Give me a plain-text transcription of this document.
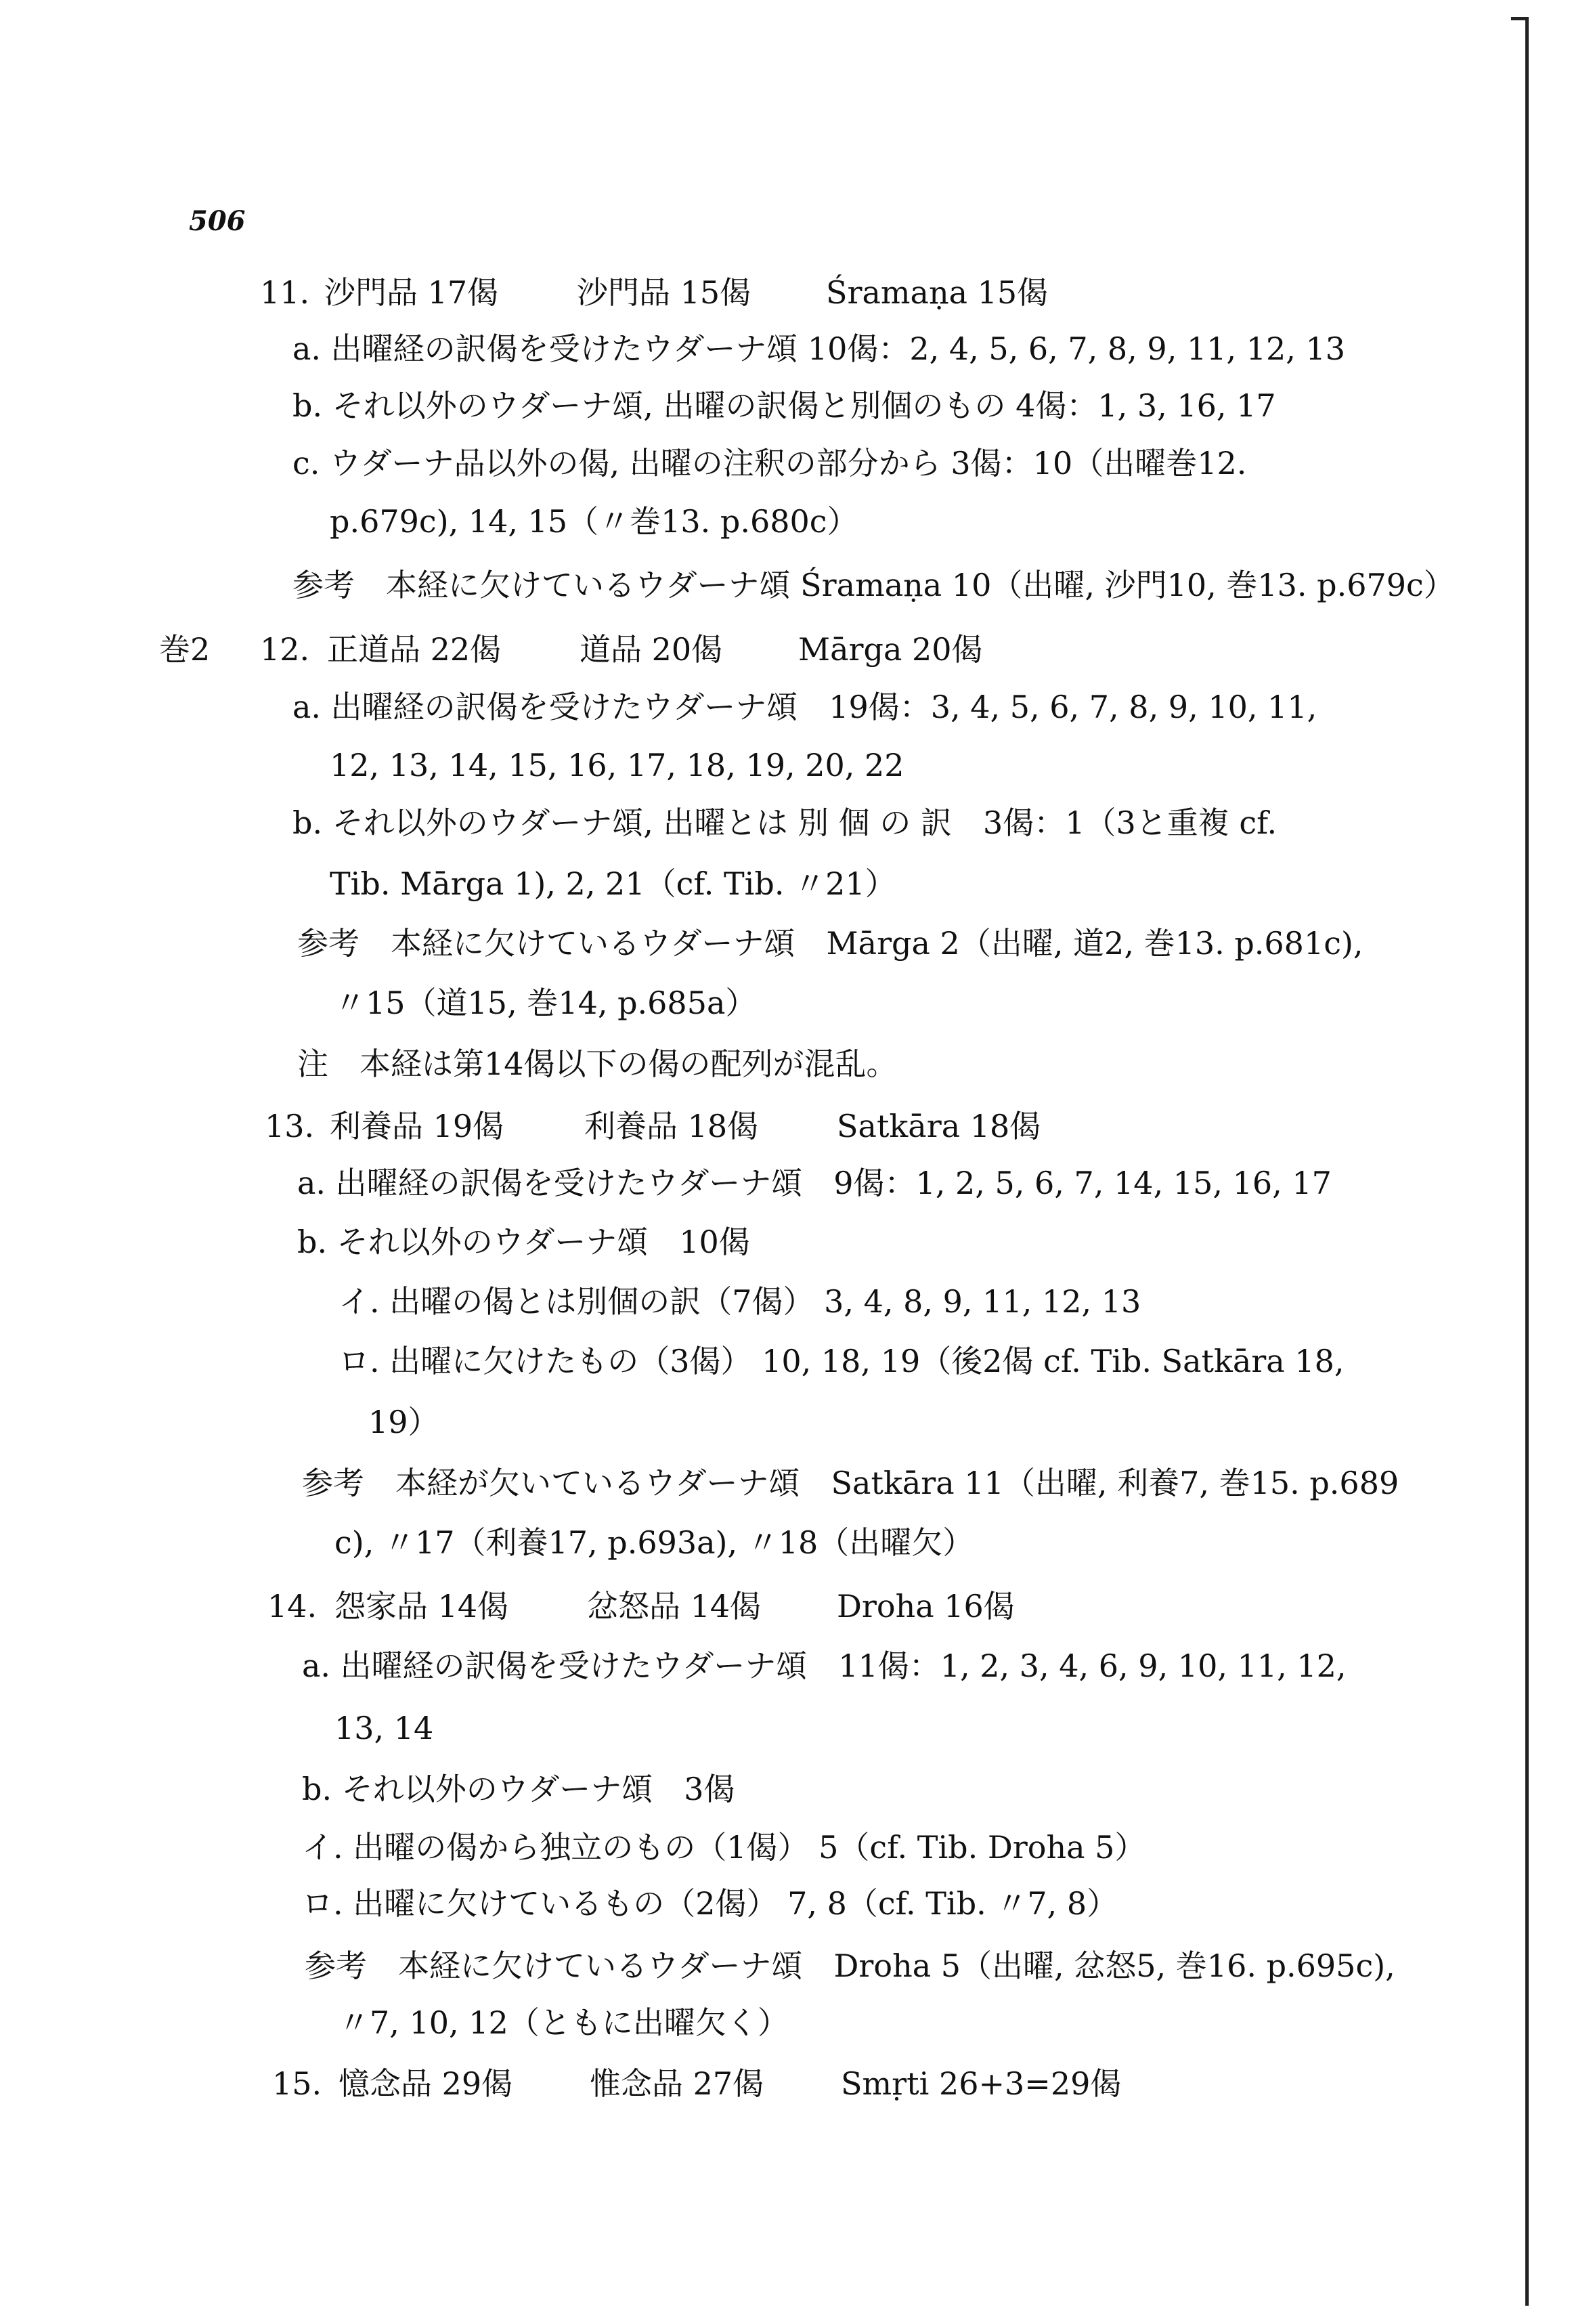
506
11. 沙門品 17偈	沙門品 15偈 Śramaṇa 15偈
a. 出曜経の訳偈を受けたウダーナ頌 10偈：2, 4, 5, 6, 7, 8, 9, 11, 12, 13
b. それ以外のウダーナ頌, 出曜の訳偈と別個のもの 4偈：1, 3, 16, 17
c. ウダーナ品以外の偈, 出曜の注釈の部分から 3偈：10（出曜巻12.
p.679c), 14, 15（〃巻13. p.680c）
参考　本経に欠けているウダーナ頌 Śramaṇa 10（出曜, 沙門10, 巻13. p.679c）
巻2 12. 正道品 22偈	道品 20偈 Mārga 20偈
a. 出曜経の訳偈を受けたウダーナ頌　19偈：3, 4, 5, 6, 7, 8, 9, 10, 11,
12, 13, 14, 15, 16, 17, 18, 19, 20, 22
b. それ以外のウダーナ頌, 出曜とは 別 個 の 訳　3偈：1（3と重複 cf.
Tib. Mārga 1), 2, 21（cf. Tib. 〃21）
参考　本経に欠けているウダーナ頌　Mārga 2（出曜, 道2, 巻13. p.681c),
〃15（道15, 巻14, p.685a）
注　本経は第14偈以下の偈の配列が混乱。
13. 利養品 19偈	利養品 18偈	Satkāra 18偈
a. 出曜経の訳偈を受けたウダーナ頌　9偈：1, 2, 5, 6, 7, 14, 15, 16, 17
b. それ以外のウダーナ頌　10偈
イ. 出曜の偈とは別個の訳（7偈） 3, 4, 8, 9, 11, 12, 13
ロ. 出曜に欠けたもの（3偈） 10, 18, 19（後2偈 cf. Tib. Satkāra 18,
19）
参考　本経が欠いているウダーナ頌　Satkāra 11（出曜, 利養7, 巻15. p.689
c), 〃17（利養17, p.693a), 〃18（出曜欠）
14. 怨家品 14偈	忿怒品 14偈 Droha 16偈
a. 出曜経の訳偈を受けたウダーナ頌　11偈：1, 2, 3, 4, 6, 9, 10, 11, 12,
13, 14
b. それ以外のウダーナ頌　3偈
イ. 出曜の偈から独立のもの（1偈） 5（cf. Tib. Droha 5）
ロ. 出曜に欠けているもの（2偈） 7, 8（cf. Tib. 〃7, 8）
参考　本経に欠けているウダーナ頌　Droha 5（出曜, 忿怒5, 巻16. p.695c),
〃7, 10, 12（ともに出曜欠く）
15. 憶念品 29偈 惟念品 27偈 Smṛti 26+3=29偈
